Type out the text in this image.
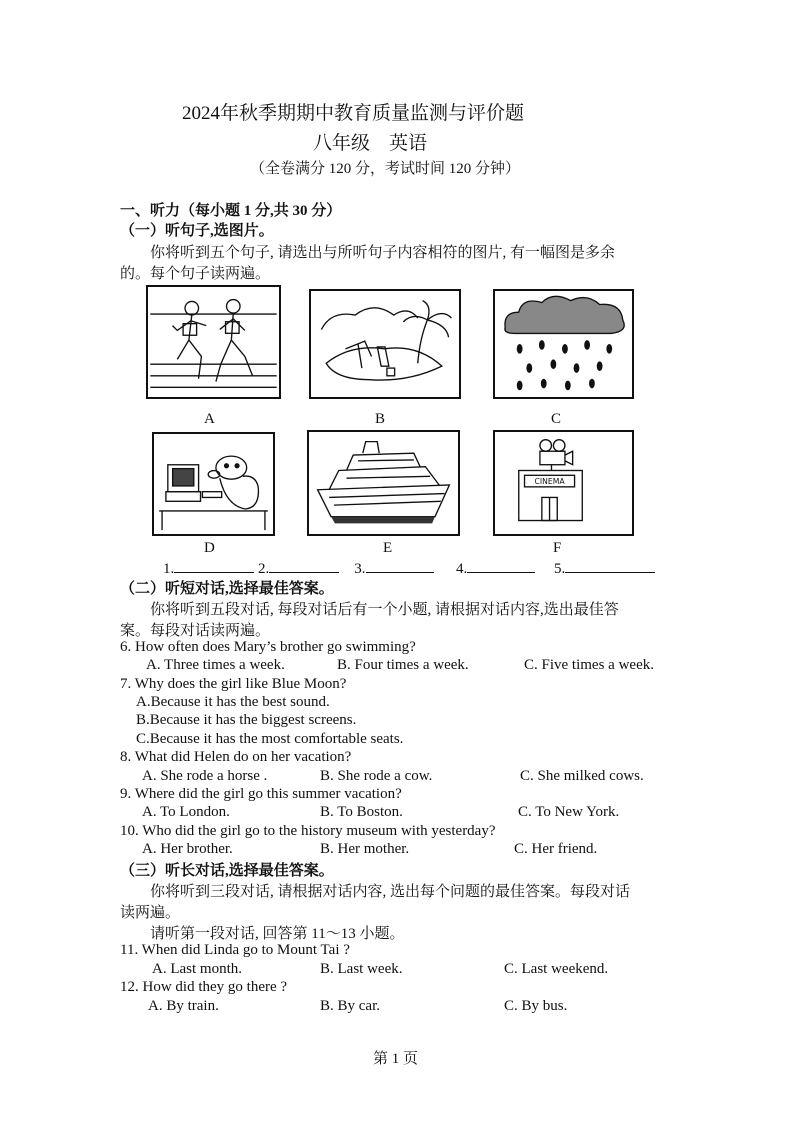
2024年秋季期期中教育质量监测与评价题
八年级　英语
（全卷满分 120 分，考试时间 120 分钟）
一、听力（每小题 1 分,共 30 分）
（一）听句子,选图片。
你将听到五个句子, 请选出与所听句子内容相符的图片, 有一幅图是多余
的。每个句子读两遍。
A	B	C
D	E
CINEMA
F
1.	2.	3.	4.	5.
（二）听短对话,选择最佳答案。
你将听到五段对话, 每段对话后有一个小题, 请根据对话内容,选出最佳答
案。每段对话读两遍。
6. How often does Mary’s brother go swimming?
A. Three times a week.	B. Four times a week.	C. Five times a week.
7. Why does the girl like Blue Moon?
A.Because it has the best sound.
B.Because it has the biggest screens.
C.Because it has the most comfortable seats.
8. What did Helen do on her vacation?
A. She rode a horse .	B. She rode a cow.	C. She milked cows.
9. Where did the girl go this summer vacation?
A. To London.	B. To Boston.	C. To New York.
10. Who did the girl go to the history museum with yesterday?
A. Her brother.	B. Her mother.	C. Her friend.
（三）听长对话,选择最佳答案。
你将听到三段对话, 请根据对话内容, 选出每个问题的最佳答案。每段对话
读两遍。
请听第一段对话, 回答第 11～13 小题。
11. When did Linda go to Mount Tai ?
A. Last month.	B. Last week.	C. Last weekend.
12. How did they go there ?
A. By train.	B. By car.	C. By bus.
第 1 页
